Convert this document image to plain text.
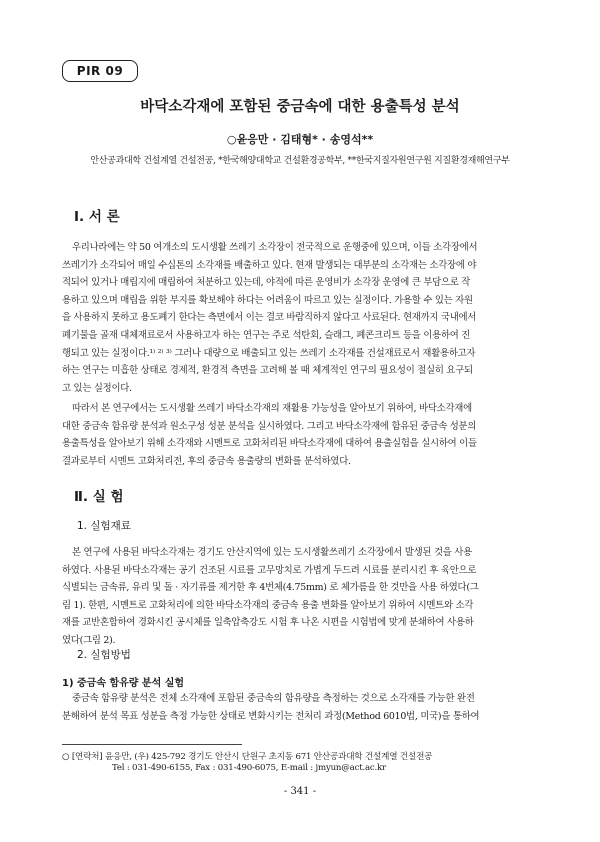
PIR 09
바닥소각재에 포함된 중금속에 대한 용출특성 분석
○윤응만 · 김태형* · 송영석**
안산공과대학 건설계열 건설전공, *한국해양대학교 건설환경공학부, **한국지질자원연구원 지질환경재해연구부
Ⅰ. 서 론
우리나라에는 약 50 여개소의 도시생활 쓰레기 소각장이 전국적으로 운행중에 있으며, 이들 소각장에서
쓰레기가 소각되어 매일 수십톤의 소각재를 배출하고 있다. 현재 발생되는 대부분의 소각재는 소각장에 야
적되어 있거나 매립지에 매립하여 처분하고 있는데, 야적에 따른 운영비가 소각장 운영에 큰 부담으로 작
용하고 있으며 매립을 위한 부지를 확보해야 하다는 어려움이 따르고 있는 실정이다. 가용할 수 있는 자원
을 사용하지 못하고 용도폐기 한다는 측면에서 이는 결코 바람직하지 않다고 사료된다. 현재까지 국내에서
폐기물을 골재 대체재료로서 사용하고자 하는 연구는 주로 석탄회, 슬래그, 폐콘크리트 등을 이용하여 진
행되고 있는 실정이다.¹⁾ ²⁾ ³⁾ 그러나 대량으로 배출되고 있는 쓰레기 소각재를 건설재료로서 재활용하고자
하는 연구는 미흡한 상태로 경제적, 환경적 측면을 고려해 볼 때 체계적인 연구의 필요성이 절실히 요구되
고 있는 실정이다.
따라서 본 연구에서는 도시생활 쓰레기 바닥소각재의 재활용 가능성을 알아보기 위하여, 바닥소각재에
대한 중금속 함유량 분석과 원소구성 성분 분석을 실시하였다. 그리고 바닥소각재에 함유된 중금속 성분의
용출특성을 알아보기 위해 소각재와 시멘트로 고화처리된 바닥소각재에 대하여 용출실험을 실시하여 이들
결과로부터 시멘트 고화처리전, 후의 중금속 용출량의 변화를 분석하였다.
Ⅱ. 실 험
1. 실험재료
본 연구에 사용된 바닥소각재는 경기도 안산지역에 있는 도시생활쓰레기 소각장에서 발생된 것을 사용
하였다. 사용된 바닥소각재는 공기 건조된 시료를 고무망치로 가볍게 두드려 시료를 분리시킨 후 육안으로
식별되는 금속류, 유리 및 돌 · 자기류를 제거한 후 4번체(4.75mm) 로 체가름을 한 것만을 사용 하였다(그
림 1). 한편, 시멘트로 고화처리에 의한 바닥소각재의 중금속 용출 변화를 알아보기 위하여 시멘트와 소각
재를 교반혼합하여 경화시킨 공시체를 일축압축강도 시험 후 나온 시편을 시험법에 맞게 분쇄하여 사용하
였다(그림 2).
2. 실험방법
1) 중금속 함유량 분석 실험
중금속 함유량 분석은 전체 소각재에 포함된 중금속의 함유량을 측정하는 것으로 소각재를 가능한 완전
분해하여 분석 목표 성분을 측정 가능한 상태로 변화시키는 전처리 과정(Method 6010법, 미국)을 통하여
○ [연락처] 윤응만, (우) 425-792 경기도 안산시 단원구 초지동 671 안산공과대학 건설계열 건설전공
Tel : 031-490-6155, Fax : 031-490-6075, E-mail : jmyun@act.ac.kr
- 341 -
